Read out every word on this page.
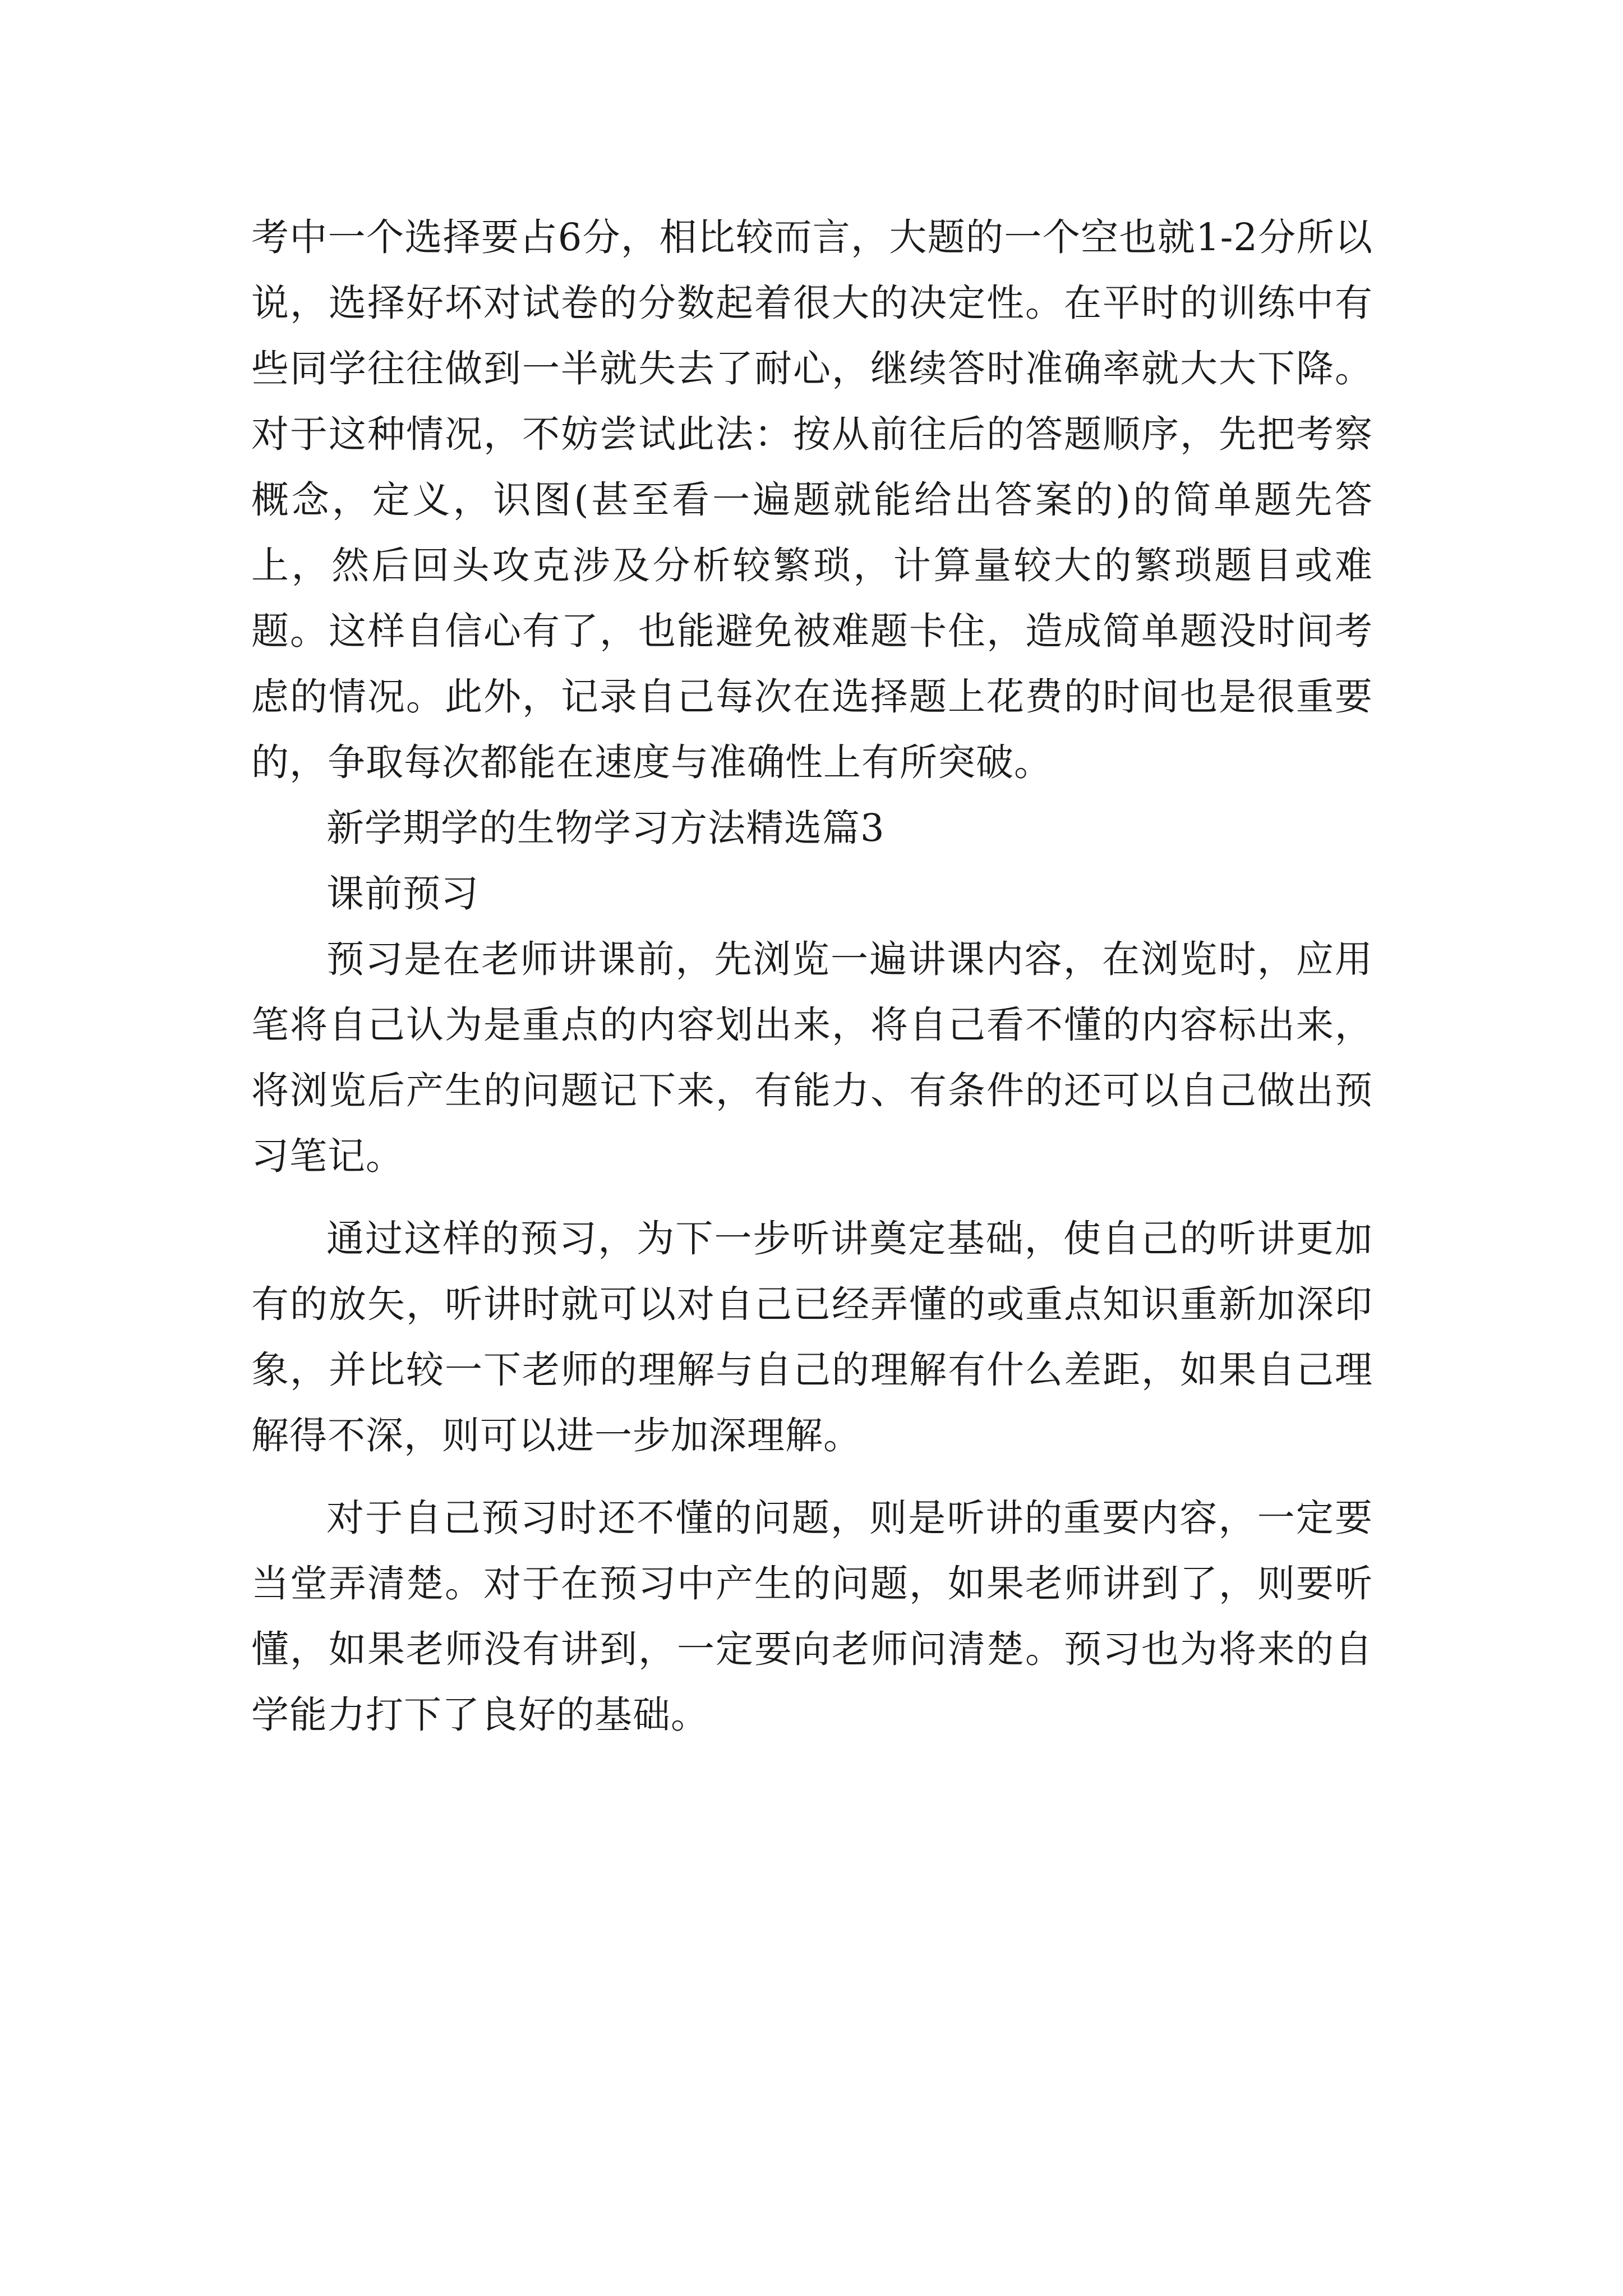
考中一个选择要占6分，相比较而言，大题的一个空也就1-2分所以说，选择好坏对试卷的分数起着很大的决定性。在平时的训练中有些同学往往做到一半就失去了耐心，继续答时准确率就大大下降。对于这种情况，不妨尝试此法：按从前往后的答题顺序，先把考察概念，定义，识图(甚至看一遍题就能给出答案的)的简单题先答上，然后回头攻克涉及分析较繁琐，计算量较大的繁琐题目或难题。这样自信心有了，也能避免被难题卡住，造成简单题没时间考虑的情况。此外，记录自己每次在选择题上花费的时间也是很重要的，争取每次都能在速度与准确性上有所突破。

新学期学的生物学习方法精选篇3

课前预习

预习是在老师讲课前，先浏览一遍讲课内容，在浏览时，应用笔将自己认为是重点的内容划出来，将自己看不懂的内容标出来，将浏览后产生的问题记下来，有能力、有条件的还可以自己做出预习笔记。

通过这样的预习，为下一步听讲奠定基础，使自己的听讲更加有的放矢，听讲时就可以对自己已经弄懂的或重点知识重新加深印象，并比较一下老师的理解与自己的理解有什么差距，如果自己理解得不深，则可以进一步加深理解。

对于自己预习时还不懂的问题，则是听讲的重要内容，一定要当堂弄清楚。对于在预习中产生的问题，如果老师讲到了，则要听懂，如果老师没有讲到，一定要向老师问清楚。预习也为将来的自学能力打下了良好的基础。
